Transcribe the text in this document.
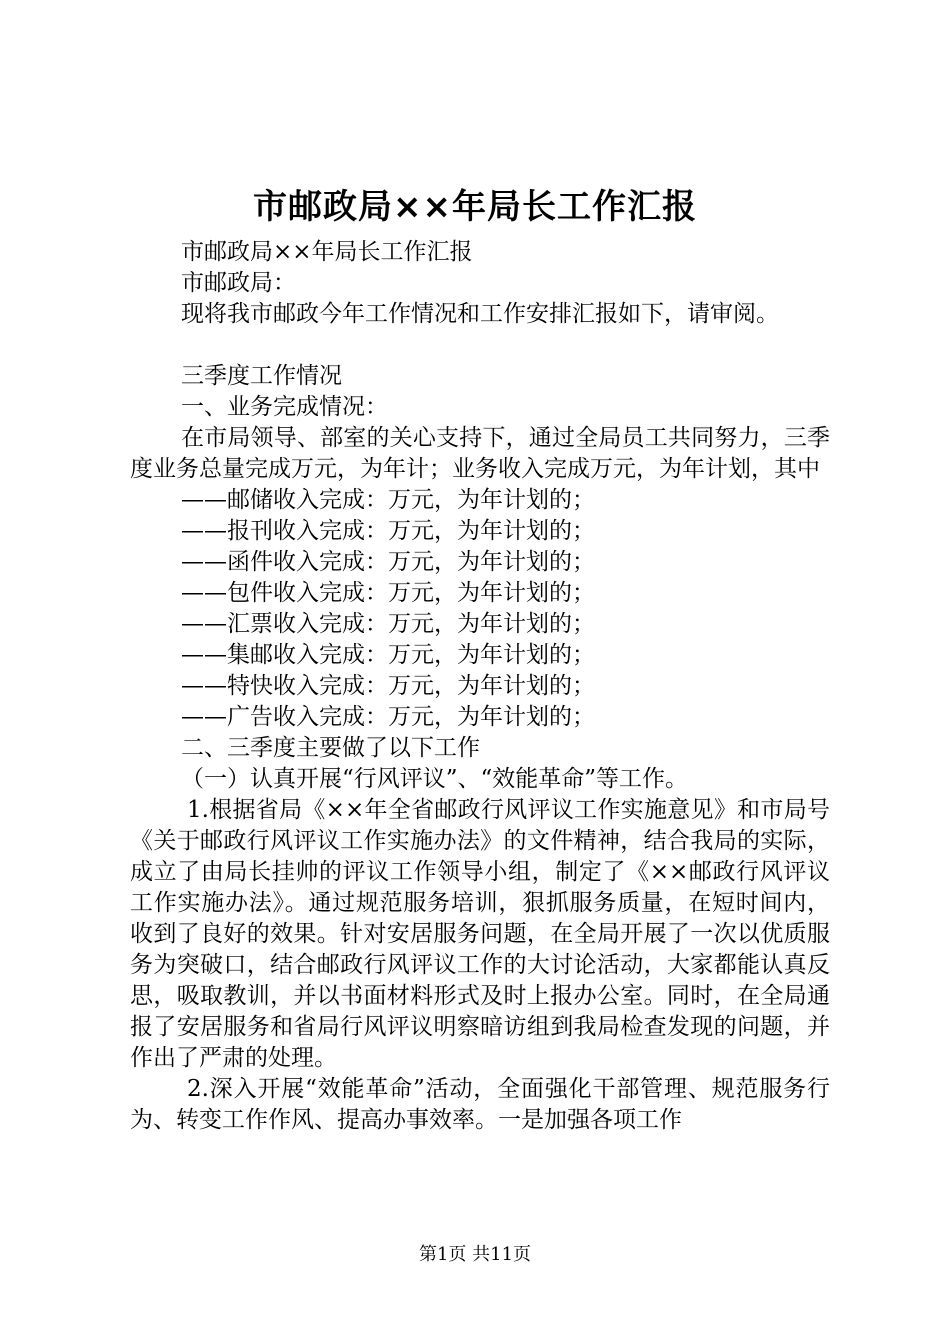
市邮政局××年局长工作汇报

市邮政局××年局长工作汇报

市邮政局：

现将我市邮政今年工作情况和工作安排汇报如下，请审阅。

三季度工作情况

一、业务完成情况：

在市局领导、部室的关心支持下，通过全局员工共同努力，三季度业务总量完成万元，为年计；业务收入完成万元，为年计划，其中

——邮储收入完成：万元，为年计划的；

——报刊收入完成：万元，为年计划的；

——函件收入完成：万元，为年计划的；

——包件收入完成：万元，为年计划的；

——汇票收入完成：万元，为年计划的；

——集邮收入完成：万元，为年计划的；

——特快收入完成：万元，为年计划的；

——广告收入完成：万元，为年计划的；

二、三季度主要做了以下工作

（一）认真开展“行风评议”、“效能革命”等工作。

1.根据省局《××年全省邮政行风评议工作实施意见》和市局号《关于邮政行风评议工作实施办法》的文件精神，结合我局的实际，成立了由局长挂帅的评议工作领导小组，制定了《××邮政行风评议工作实施办法》。通过规范服务培训，狠抓服务质量，在短时间内，收到了良好的效果。针对安居服务问题，在全局开展了一次以优质服务为突破口，结合邮政行风评议工作的大讨论活动，大家都能认真反思，吸取教训，并以书面材料形式及时上报办公室。同时，在全局通报了安居服务和省局行风评议明察暗访组到我局检查发现的问题，并作出了严肃的处理。

2.深入开展“效能革命”活动，全面强化干部管理、规范服务行为、转变工作作风、提高办事效率。一是加强各项工作

第1页 共11页
